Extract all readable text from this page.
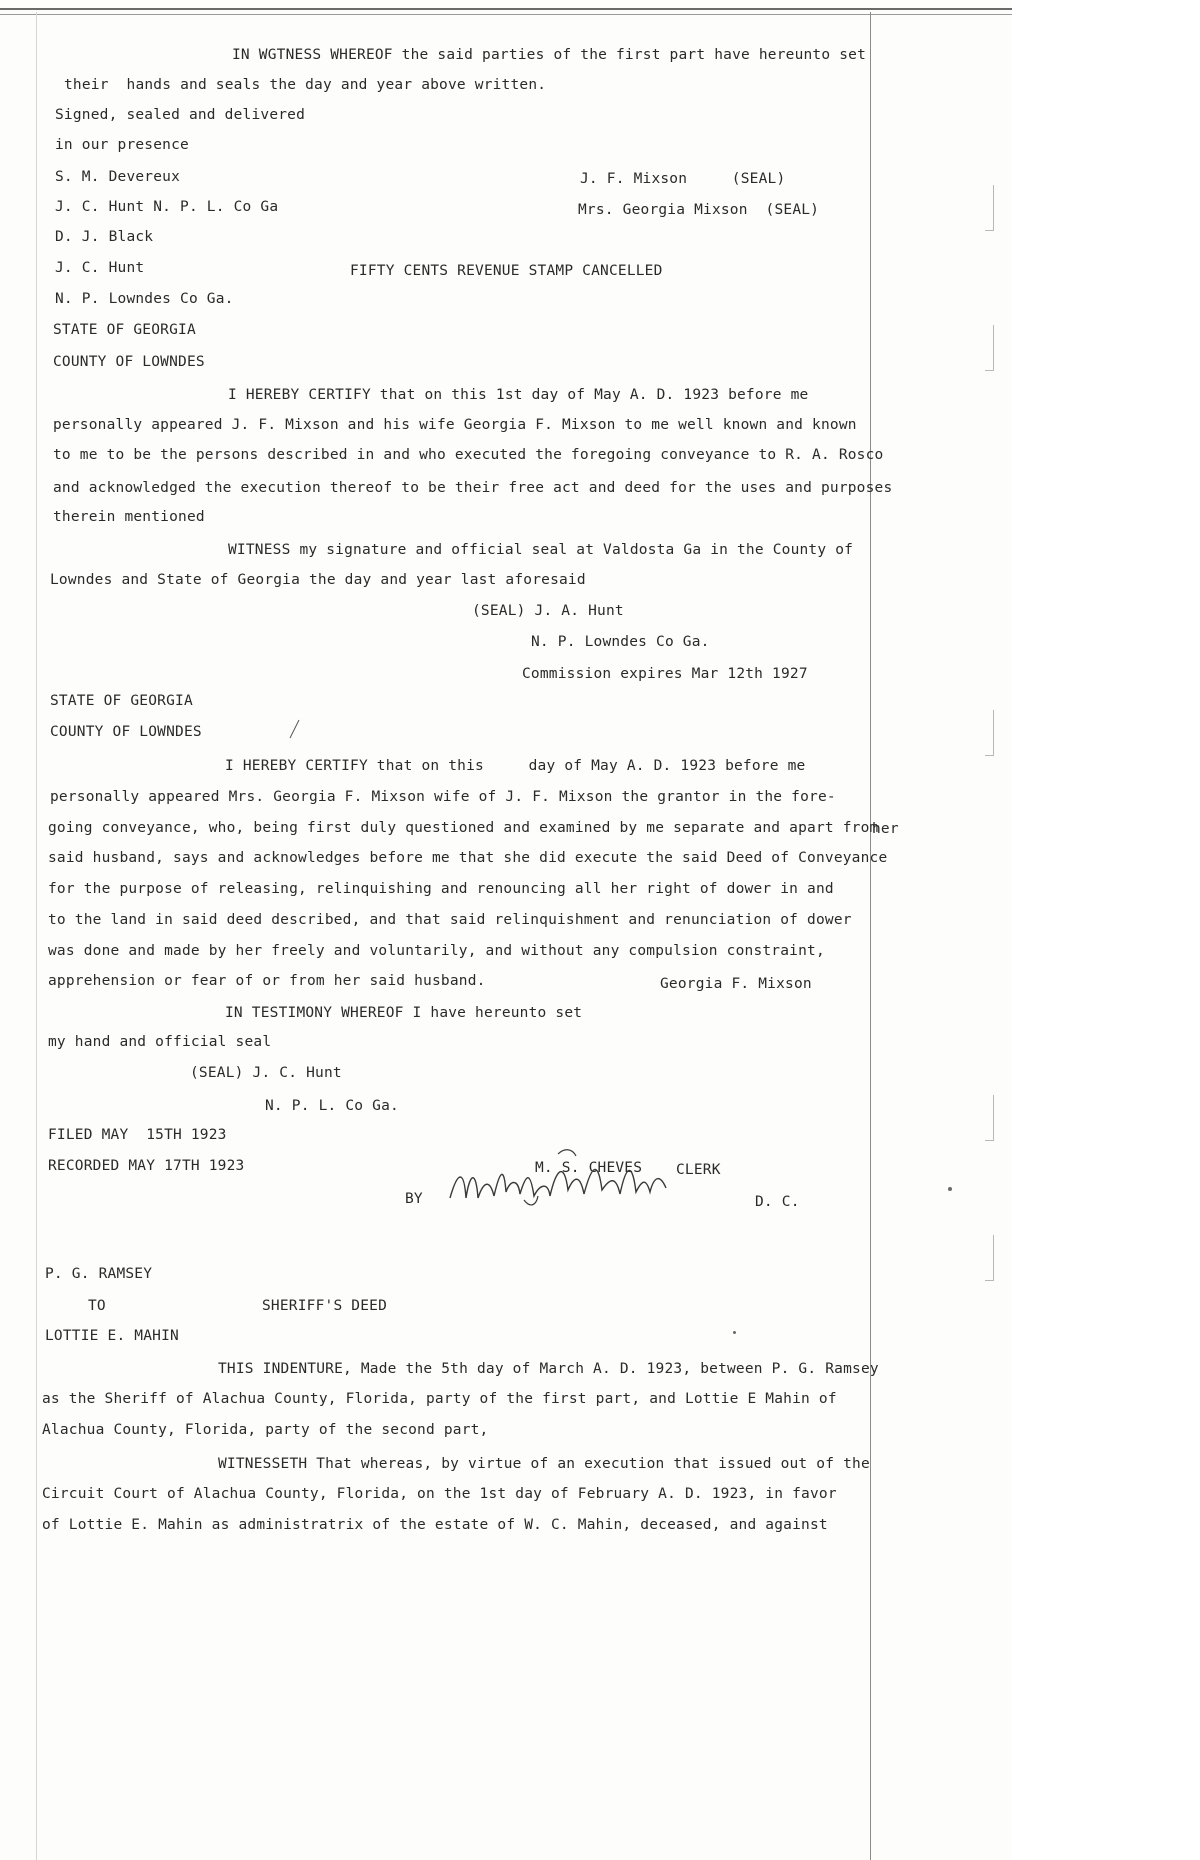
IN WGTNESS WHEREOF the said parties of the first part have hereunto set
their  hands and seals the day and year above written.
Signed, sealed and delivered
in our presence
S. M. Devereux	J. F. Mixson     (SEAL)
J. C. Hunt N. P. L. Co Ga	Mrs. Georgia Mixson  (SEAL)
D. J. Black
J. C. Hunt	FIFTY CENTS REVENUE STAMP CANCELLED
N. P. Lowndes Co Ga.
STATE OF GEORGIA
COUNTY OF LOWNDES
I HEREBY CERTIFY that on this 1st day of May A. D. 1923 before me
personally appeared J. F. Mixson and his wife Georgia F. Mixson to me well known and known
to me to be the persons described in and who executed the foregoing conveyance to R. A. Rosco
and acknowledged the execution thereof to be their free act and deed for the uses and purposes
therein mentioned
WITNESS my signature and official seal at Valdosta Ga in the County of
Lowndes and State of Georgia the day and year last aforesaid
(SEAL) J. A. Hunt
N. P. Lowndes Co Ga.
Commission expires Mar 12th 1927
STATE OF GEORGIA
COUNTY OF LOWNDES
I HEREBY CERTIFY that on this     day of May A. D. 1923 before me
personally appeared Mrs. Georgia F. Mixson wife of J. F. Mixson the grantor in the fore-
going conveyance, who, being first duly questioned and examined by me separate and apart from
her
said husband, says and acknowledges before me that she did execute the said Deed of Conveyance
for the purpose of releasing, relinquishing and renouncing all her right of dower in and
to the land in said deed described, and that said relinquishment and renunciation of dower
was done and made by her freely and voluntarily, and without any compulsion constraint,
apprehension or fear of or from her said husband.	Georgia F. Mixson
IN TESTIMONY WHEREOF I have hereunto set
my hand and official seal
(SEAL) J. C. Hunt
N. P. L. Co Ga.
FILED MAY  15TH 1923
RECORDED MAY 17TH 1923	M. S. CHEVES CLERK
BY	D. C.
P. G. RAMSEY
TO	SHERIFF'S DEED
LOTTIE E. MAHIN
THIS INDENTURE, Made the 5th day of March A. D. 1923, between P. G. Ramsey
as the Sheriff of Alachua County, Florida, party of the first part, and Lottie E Mahin of
Alachua County, Florida, party of the second part,
WITNESSETH That whereas, by virtue of an execution that issued out of the
Circuit Court of Alachua County, Florida, on the 1st day of February A. D. 1923, in favor
of Lottie E. Mahin as administratrix of the estate of W. C. Mahin, deceased, and against
